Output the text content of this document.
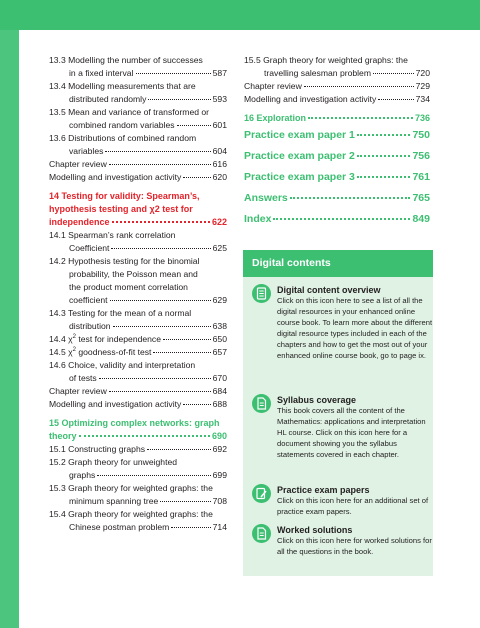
vi
13.3 Modelling the number of successes
in a fixed interval	587
13.4 Modelling measurements that are
distributed randomly	593
13.5 Mean and variance of transformed or
combined random variables	601
13.6 Distributions of combined random
variables	604
Chapter review	616
Modelling and investigation activity	620
14 Testing for validity: Spearman’s,
hypothesis testing and χ2 test for
independence	622
14.1 Spearman’s rank correlation
Coefficient	625
14.2 Hypothesis testing for the binomial
probability, the Poisson mean and
the product moment correlation
coefficient	629
14.3 Testing for the mean of a normal
distribution	638
14.4 $\chi^2$ test for independence	650
14.5 $\chi^2$ goodness-of-fit test	657
14.6 Choice, validity and interpretation
of tests	670
Chapter review	684
Modelling and investigation activity	688
15 Optimizing complex networks: graph
theory	690
15.1 Constructing graphs	692
15.2 Graph theory for unweighted
graphs	699
15.3 Graph theory for weighted graphs: the
minimum spanning tree	708
15.4 Graph theory for weighted graphs: the
Chinese postman problem	714
15.5 Graph theory for weighted graphs: the
travelling salesman problem	720
Chapter review	729
Modelling and investigation activity	734
16 Exploration	736
Practice exam paper 1	750
Practice exam paper 2	756
Practice exam paper 3	761
Answers	765
Index	849
Digital contents
Digital content overview
Click on this icon here to see a list of all the digital resources in your enhanced online course book. To learn more about the different digital resource types included in each of the chapters and how to get the most out of your enhanced online course book, go to page ix.
Syllabus coverage
This book covers all the content of the Mathematics: applications and interpretation HL course. Click on this icon here for a document showing you the syllabus statements covered in each chapter.
Practice exam papers
Click on this icon here for an additional set of practice exam papers.
Worked solutions
Click on this icon here for worked solutions for all the questions in the book.
